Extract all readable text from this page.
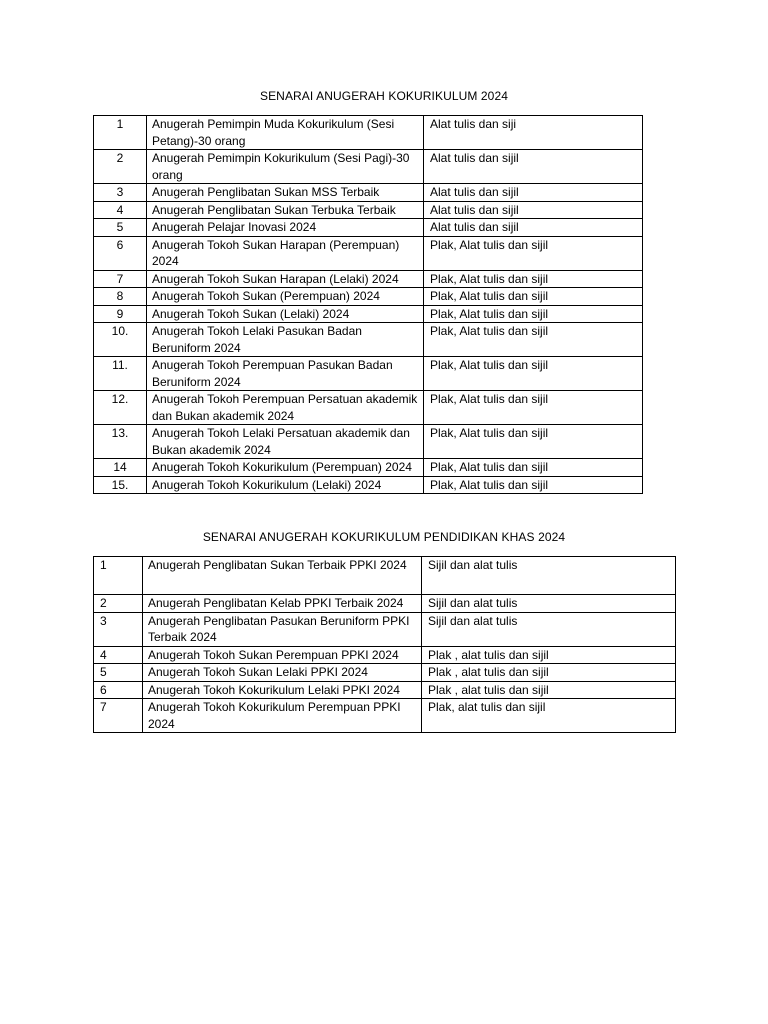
SENARAI ANUGERAH KOKURIKULUM 2024
1	Anugerah Pemimpin Muda Kokurikulum (Sesi Petang)-30 orang	Alat tulis dan siji
2	Anugerah Pemimpin Kokurikulum (Sesi Pagi)-30 orang	Alat tulis dan sijil
3	Anugerah Penglibatan Sukan MSS Terbaik	Alat tulis dan sijil
4	Anugerah Penglibatan Sukan Terbuka Terbaik	Alat tulis dan sijil
5	Anugerah Pelajar Inovasi 2024	Alat tulis dan sijil
6	Anugerah Tokoh Sukan Harapan (Perempuan) 2024	Plak, Alat tulis dan sijil
7	Anugerah Tokoh Sukan Harapan (Lelaki) 2024	Plak, Alat tulis dan sijil
8	Anugerah Tokoh Sukan (Perempuan) 2024	Plak, Alat tulis dan sijil
9	Anugerah Tokoh Sukan (Lelaki) 2024	Plak, Alat tulis dan sijil
10.	Anugerah Tokoh Lelaki Pasukan Badan Beruniform 2024	Plak, Alat tulis dan sijil
11.	Anugerah Tokoh Perempuan Pasukan Badan Beruniform 2024	Plak, Alat tulis dan sijil
12.	Anugerah Tokoh Perempuan Persatuan akademik dan Bukan akademik 2024	Plak, Alat tulis dan sijil
13.	Anugerah Tokoh Lelaki Persatuan akademik dan Bukan akademik 2024	Plak, Alat tulis dan sijil
14	Anugerah Tokoh Kokurikulum (Perempuan) 2024	Plak, Alat tulis dan sijil
15.	Anugerah Tokoh Kokurikulum (Lelaki) 2024	Plak, Alat tulis dan sijil
SENARAI ANUGERAH KOKURIKULUM PENDIDIKAN KHAS 2024
1	Anugerah Penglibatan Sukan Terbaik PPKI 2024	Sijil dan alat tulis
2	Anugerah Penglibatan Kelab PPKI Terbaik 2024	Sijil dan alat tulis
3	Anugerah Penglibatan Pasukan Beruniform PPKI Terbaik 2024	Sijil dan alat tulis
4	Anugerah Tokoh Sukan Perempuan PPKI 2024	Plak , alat tulis dan sijil
5	Anugerah Tokoh Sukan Lelaki PPKI 2024	Plak , alat tulis dan sijil
6	Anugerah Tokoh Kokurikulum Lelaki PPKI 2024	Plak , alat tulis dan sijil
7	Anugerah Tokoh Kokurikulum Perempuan PPKI 2024	Plak, alat tulis dan sijil
